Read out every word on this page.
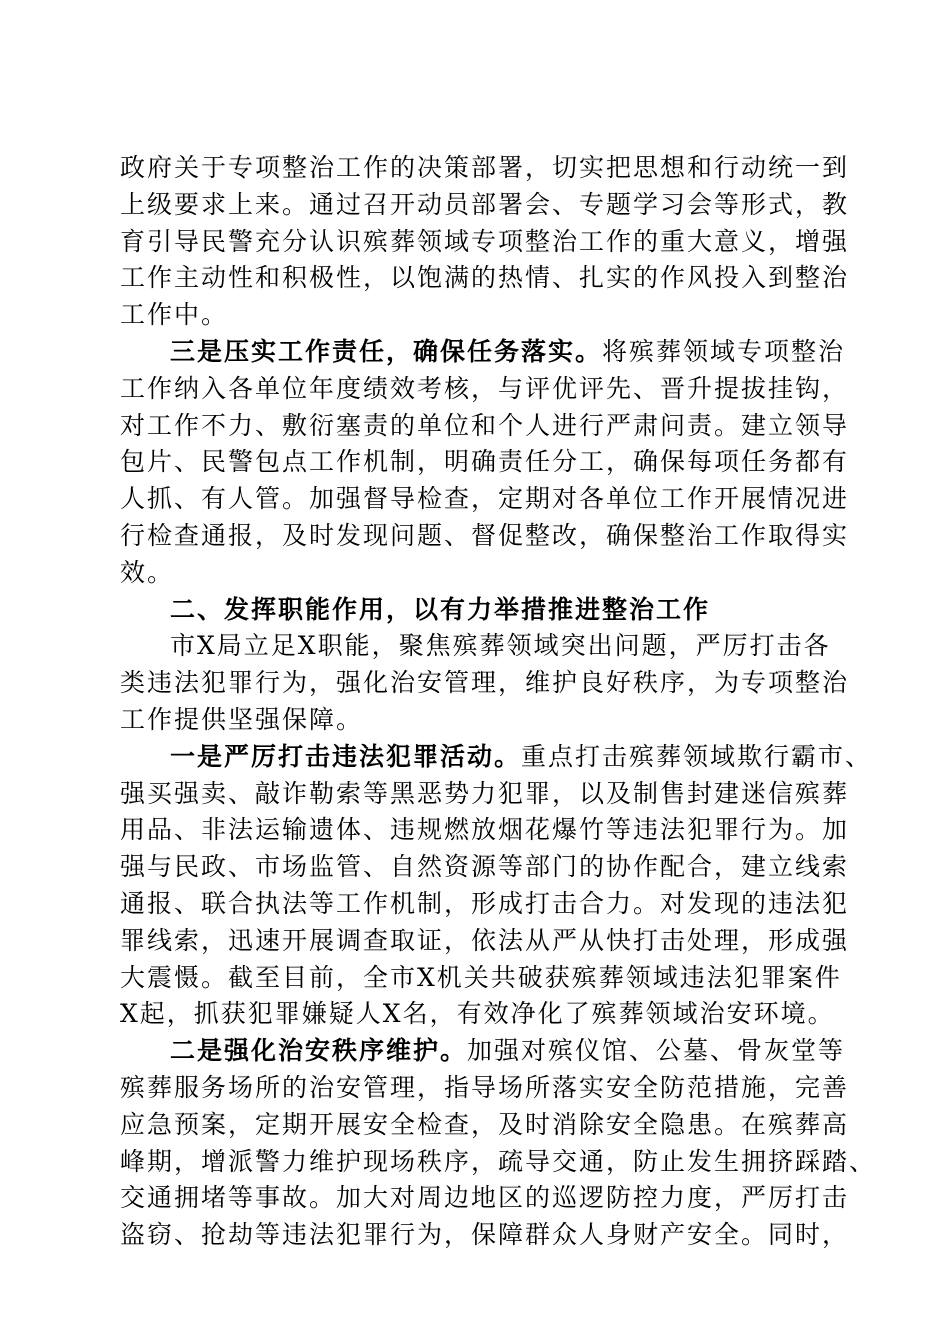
政府关于专项整治工作的决策部署，切实把思想和行动统一到
上级要求上来。通过召开动员部署会、专题学习会等形式，教
育引导民警充分认识殡葬领域专项整治工作的重大意义，增强
工作主动性和积极性，以饱满的热情、扎实的作风投入到整治
工作中。
三是压实工作责任，确保任务落实。将殡葬领域专项整治
工作纳入各单位年度绩效考核，与评优评先、晋升提拔挂钩，
对工作不力、敷衍塞责的单位和个人进行严肃问责。建立领导
包片、民警包点工作机制，明确责任分工，确保每项任务都有
人抓、有人管。加强督导检查，定期对各单位工作开展情况进
行检查通报，及时发现问题、督促整改，确保整治工作取得实
效。
二、发挥职能作用，以有力举措推进整治工作
市X局立足X职能，聚焦殡葬领域突出问题，严厉打击各
类违法犯罪行为，强化治安管理，维护良好秩序，为专项整治
工作提供坚强保障。
一是严厉打击违法犯罪活动。重点打击殡葬领域欺行霸市、
强买强卖、敲诈勒索等黑恶势力犯罪，以及制售封建迷信殡葬
用品、非法运输遗体、违规燃放烟花爆竹等违法犯罪行为。加
强与民政、市场监管、自然资源等部门的协作配合，建立线索
通报、联合执法等工作机制，形成打击合力。对发现的违法犯
罪线索，迅速开展调查取证，依法从严从快打击处理，形成强
大震慑。截至目前，全市X机关共破获殡葬领域违法犯罪案件
X起，抓获犯罪嫌疑人X名，有效净化了殡葬领域治安环境。
二是强化治安秩序维护。加强对殡仪馆、公墓、骨灰堂等
殡葬服务场所的治安管理，指导场所落实安全防范措施，完善
应急预案，定期开展安全检查，及时消除安全隐患。在殡葬高
峰期，增派警力维护现场秩序，疏导交通，防止发生拥挤踩踏、
交通拥堵等事故。加大对周边地区的巡逻防控力度，严厉打击
盗窃、抢劫等违法犯罪行为，保障群众人身财产安全。同时，
